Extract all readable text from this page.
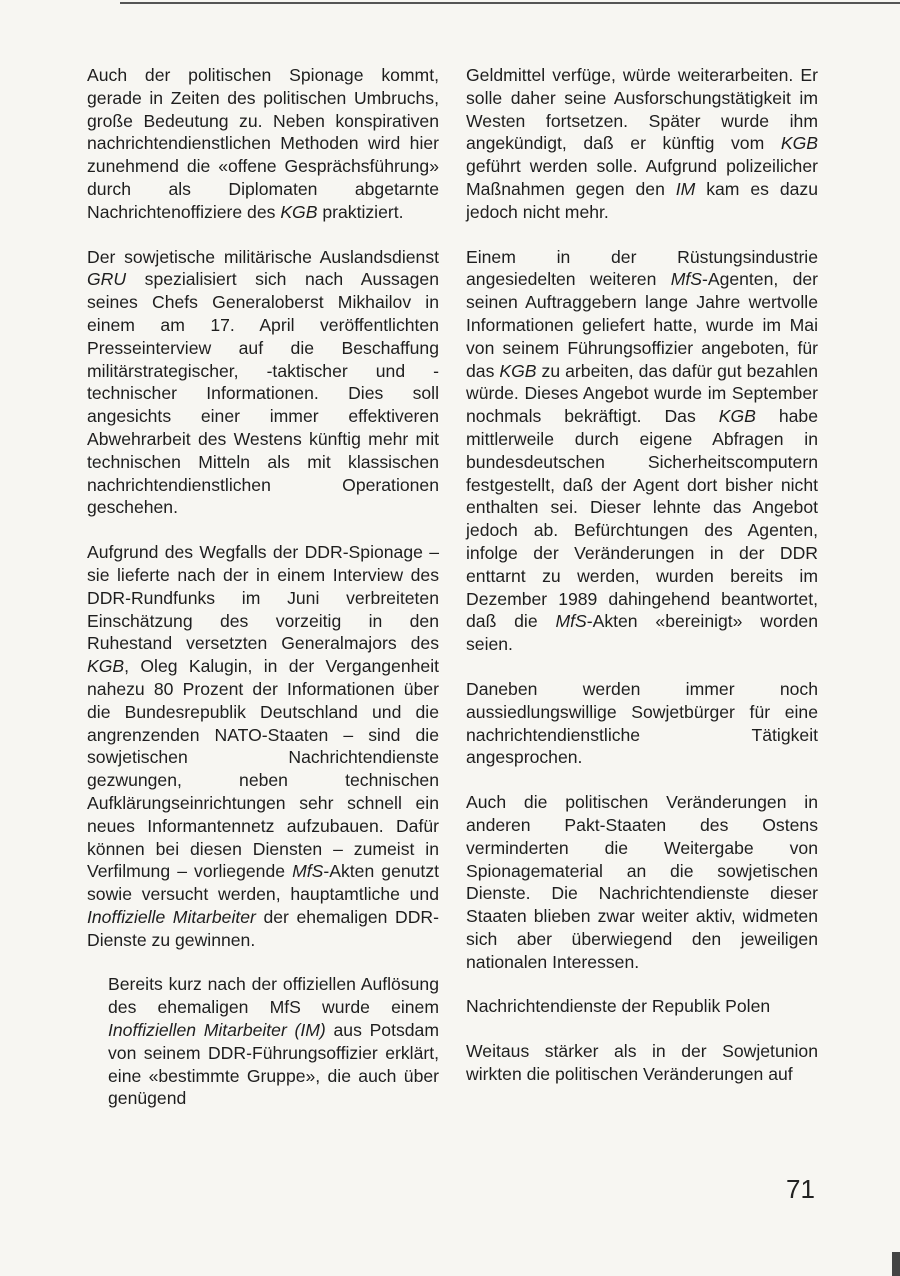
Auch der politischen Spionage kommt, gerade in Zeiten des politischen Umbruchs, große Bedeutung zu. Neben konspirativen nachrichtendienstlichen Methoden wird hier zunehmend die «offene Gesprächsführung» durch als Diplomaten abgetarnte Nachrichtenoffiziere des KGB praktiziert.

Der sowjetische militärische Auslandsdienst GRU spezialisiert sich nach Aussagen seines Chefs Generaloberst Mikhailov in einem am 17. April veröffentlichten Presseinterview auf die Beschaffung militärstrategischer, -taktischer und -technischer Informationen. Dies soll angesichts einer immer effektiveren Abwehrarbeit des Westens künftig mehr mit technischen Mitteln als mit klassischen nachrichtendienstlichen Operationen geschehen.

Aufgrund des Wegfalls der DDR-Spionage – sie lieferte nach der in einem Interview des DDR-Rundfunks im Juni verbreiteten Einschätzung des vorzeitig in den Ruhestand versetzten Generalmajors des KGB, Oleg Kalugin, in der Vergangenheit nahezu 80 Prozent der Informationen über die Bundesrepublik Deutschland und die angrenzenden NATO-Staaten – sind die sowjetischen Nachrichtendienste gezwungen, neben technischen Aufklärungseinrichtungen sehr schnell ein neues Informantennetz aufzubauen. Dafür können bei diesen Diensten – zumeist in Verfilmung – vorliegende MfS-Akten genutzt sowie versucht werden, hauptamtliche und Inoffizielle Mitarbeiter der ehemaligen DDR-Dienste zu gewinnen.

Bereits kurz nach der offiziellen Auflösung des ehemaligen MfS wurde einem Inoffiziellen Mitarbeiter (IM) aus Potsdam von seinem DDR-Führungsoffizier erklärt, eine «bestimmte Gruppe», die auch über genügend

Geldmittel verfüge, würde weiterarbeiten. Er solle daher seine Ausforschungstätigkeit im Westen fortsetzen. Später wurde ihm angekündigt, daß er künftig vom KGB geführt werden solle. Aufgrund polizeilicher Maßnahmen gegen den IM kam es dazu jedoch nicht mehr.

Einem in der Rüstungsindustrie angesiedelten weiteren MfS-Agenten, der seinen Auftraggebern lange Jahre wertvolle Informationen geliefert hatte, wurde im Mai von seinem Führungsoffizier angeboten, für das KGB zu arbeiten, das dafür gut bezahlen würde. Dieses Angebot wurde im September nochmals bekräftigt. Das KGB habe mittlerweile durch eigene Abfragen in bundesdeutschen Sicherheitscomputern festgestellt, daß der Agent dort bisher nicht enthalten sei. Dieser lehnte das Angebot jedoch ab. Befürchtungen des Agenten, infolge der Veränderungen in der DDR enttarnt zu werden, wurden bereits im Dezember 1989 dahingehend beantwortet, daß die MfS-Akten «bereinigt» worden seien.

Daneben werden immer noch aussiedlungswillige Sowjetbürger für eine nachrichtendienstliche Tätigkeit angesprochen.

Auch die politischen Veränderungen in anderen Pakt-Staaten des Ostens verminderten die Weitergabe von Spionagematerial an die sowjetischen Dienste. Die Nachrichtendienste dieser Staaten blieben zwar weiter aktiv, widmeten sich aber überwiegend den jeweiligen nationalen Interessen.

Nachrichtendienste der Republik Polen

Weitaus stärker als in der Sowjetunion wirkten die politischen Veränderungen auf

71
